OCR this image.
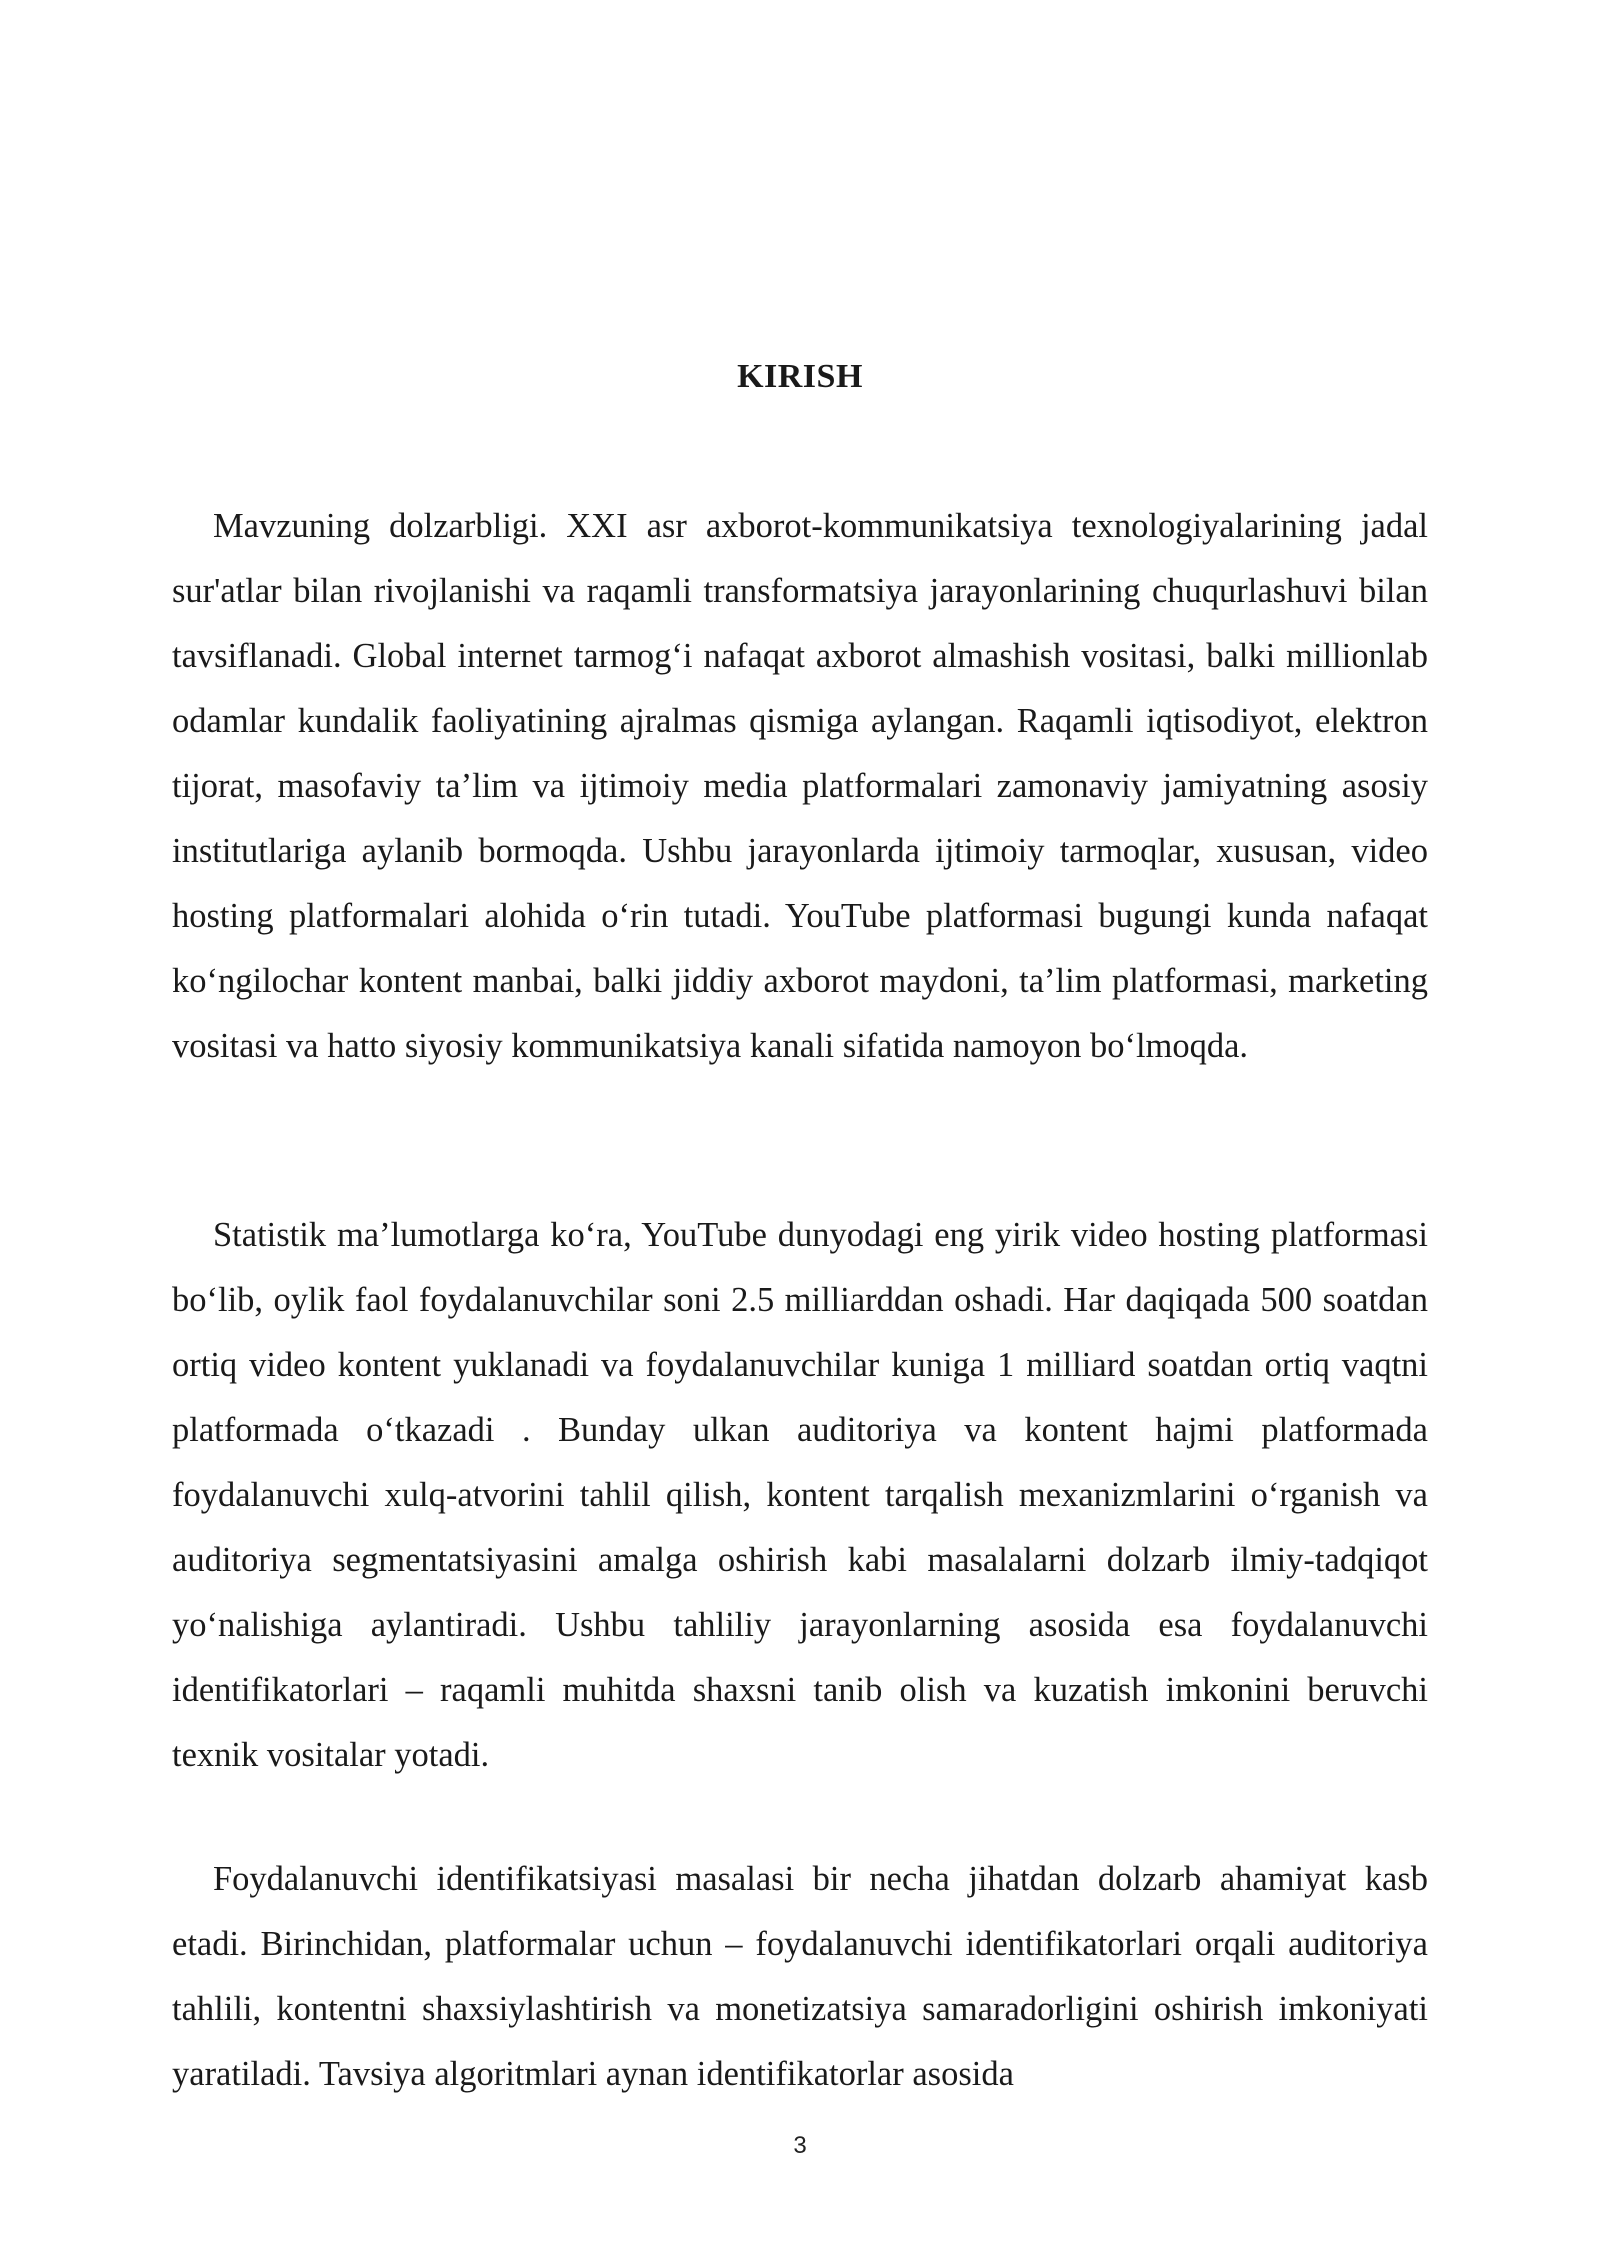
KIRISH

Mavzuning dolzarbligi. XXI asr axborot-kommunikatsiya texnologiyalarining jadal sur'atlar bilan rivojlanishi va raqamli transformatsiya jarayonlarining chuqurlashuvi bilan tavsiflanadi. Global internet tarmog‘i nafaqat axborot almashish vositasi, balki millionlab odamlar kundalik faoliyatining ajralmas qismiga aylangan. Raqamli iqtisodiyot, elektron tijorat, masofaviy ta’lim va ijtimoiy media platformalari zamonaviy jamiyatning asosiy institutlariga aylanib bormoqda. Ushbu jarayonlarda ijtimoiy tarmoqlar, xususan, video hosting platformalari alohida o‘rin tutadi. YouTube platformasi bugungi kunda nafaqat ko‘ngilochar kontent manbai, balki jiddiy axborot maydoni, ta’lim platformasi, marketing vositasi va hatto siyosiy kommunikatsiya kanali sifatida namoyon bo‘lmoqda.

Statistik ma’lumotlarga ko‘ra, YouTube dunyodagi eng yirik video hosting platformasi bo‘lib, oylik faol foydalanuvchilar soni 2.5 milliarddan oshadi. Har daqiqada 500 soatdan ortiq video kontent yuklanadi va foydalanuvchilar kuniga 1 milliard soatdan ortiq vaqtni platformada o‘tkazadi . Bunday ulkan auditoriya va kontent hajmi platformada foydalanuvchi xulq-atvorini tahlil qilish, kontent tarqalish mexanizmlarini o‘rganish va auditoriya segmentatsiyasini amalga oshirish kabi masalalarni dolzarb ilmiy-tadqiqot yo‘nalishiga aylantiradi. Ushbu tahliliy jarayonlarning asosida esa foydalanuvchi identifikatorlari – raqamli muhitda shaxsni tanib olish va kuzatish imkonini beruvchi texnik vositalar yotadi.

Foydalanuvchi identifikatsiyasi masalasi bir necha jihatdan dolzarb ahamiyat kasb etadi. Birinchidan, platformalar uchun – foydalanuvchi identifikatorlari orqali auditoriya tahlili, kontentni shaxsiylashtirish va monetizatsiya samaradorligini oshirish imkoniyati yaratiladi. Tavsiya algoritmlari aynan identifikatorlar asosida

3
